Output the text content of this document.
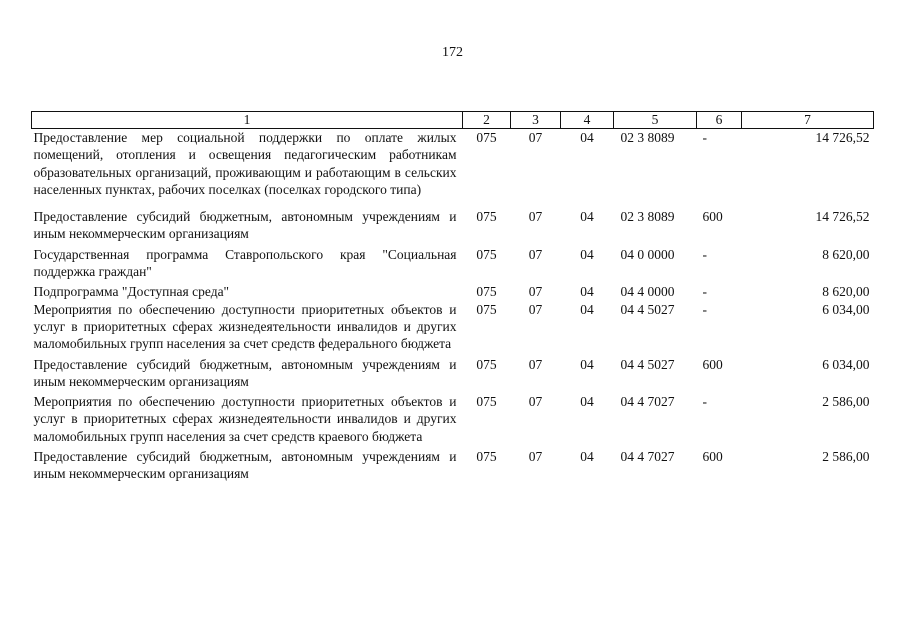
172
1	2	3	4	5	6	7
Предоставление мер социальной поддержки по оплате жилых помещений, отопления и освещения педагогическим работникам образовательных организаций, проживающим и работающим в сельских населенных пунктах, рабочих поселках (поселках городского типа)	075	07	04	02 3 8089	-	14 726,52
Предоставление субсидий бюджетным, автономным учреждениям и иным некоммерческим организациям	075	07	04	02 3 8089	600	14 726,52
Государственная программа Ставропольского края "Социальная поддержка граждан"	075	07	04	04 0 0000	-	8 620,00
Подпрограмма "Доступная среда"	075	07	04	04 4 0000	-	8 620,00
Мероприятия по обеспечению доступности приоритетных объектов и услуг в приоритетных сферах жизнедеятельности инвалидов и других маломобильных групп населения за счет средств федерального бюджета	075	07	04	04 4 5027	-	6 034,00
Предоставление субсидий бюджетным, автономным учреждениям и иным некоммерческим организациям	075	07	04	04 4 5027	600	6 034,00
Мероприятия по обеспечению доступности приоритетных объектов и услуг в приоритетных сферах жизнедеятельности инвалидов и других маломобильных групп населения за счет средств краевого бюджета	075	07	04	04 4 7027	-	2 586,00
Предоставление субсидий бюджетным, автономным учреждениям и иным некоммерческим организациям	075	07	04	04 4 7027	600	2 586,00
